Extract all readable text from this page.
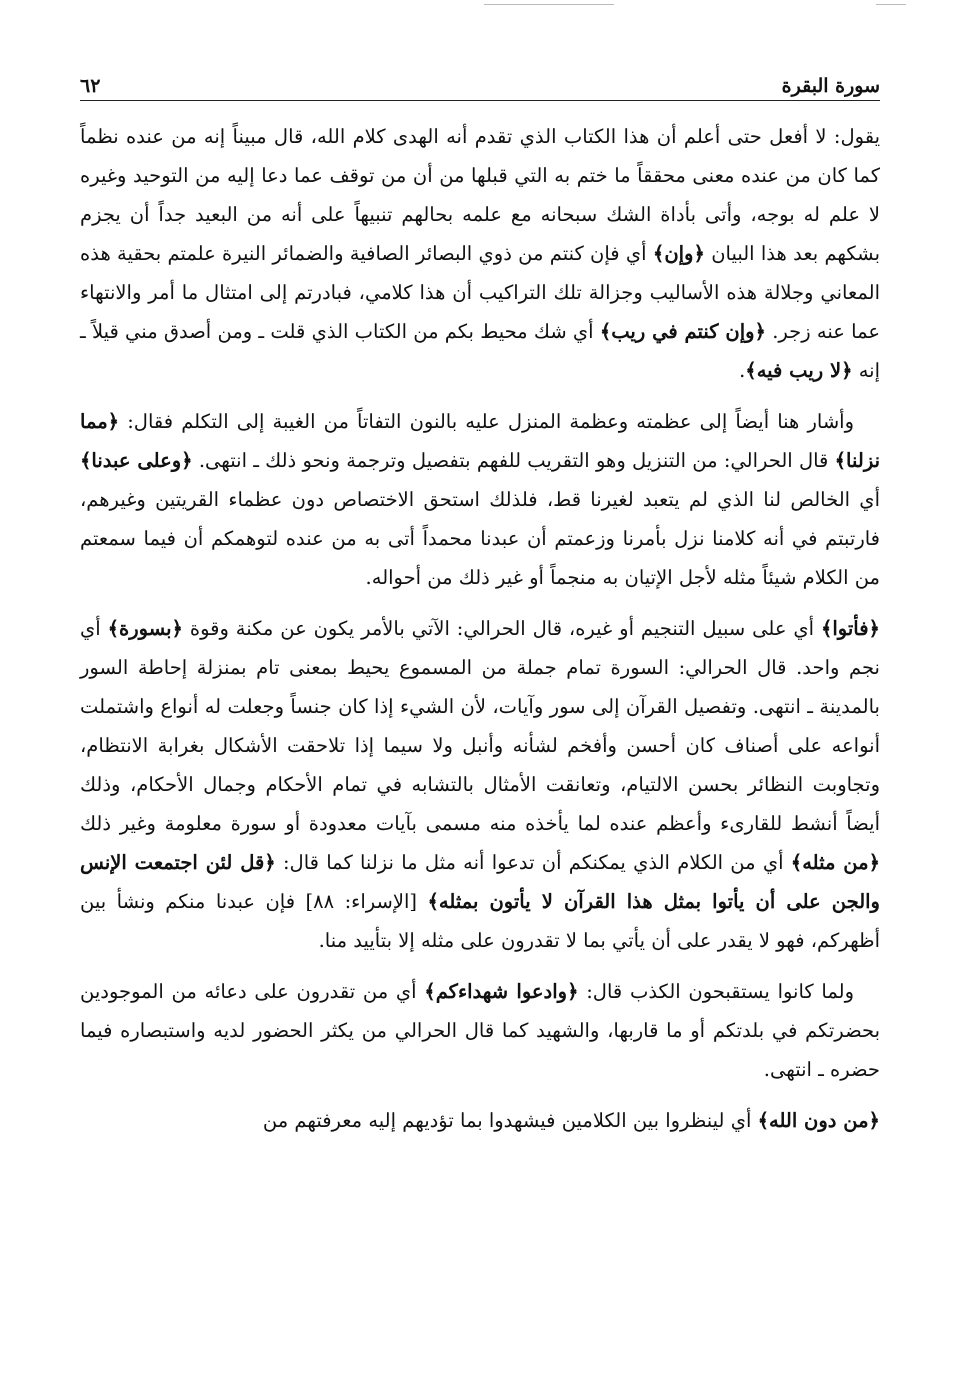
سورة البقرة
٦٢

يقول: لا أفعل حتى أعلم أن هذا الكتاب الذي تقدم أنه الهدى كلام الله، قال مبيناً إنه من عنده نظماً كما كان من عنده معنى محققاً ما ختم به التي قبلها من أن من توقف عما دعا إليه من التوحيد وغيره لا علم له بوجه، وأتى بأداة الشك سبحانه مع علمه بحالهم تنبيهاً على أنه من البعيد جداً أن يجزم بشكهم بعد هذا البيان ﴿وإن﴾ أي فإن كنتم من ذوي البصائر الصافية والضمائر النيرة علمتم بحقية هذه المعاني وجلالة هذه الأساليب وجزالة تلك التراكيب أن هذا كلامي، فبادرتم إلى امتثال ما أمر والانتهاء عما عنه زجر. ﴿وإن كنتم في ريب﴾ أي شك محيط بكم من الكتاب الذي قلت ـ ومن أصدق مني قيلاً ـ إنه ﴿لا ريب فيه﴾.

وأشار هنا أيضاً إلى عظمته وعظمة المنزل عليه بالنون التفاتاً من الغيبة إلى التكلم فقال: ﴿مما نزلنا﴾ قال الحرالي: من التنزيل وهو التقريب للفهم بتفصيل وترجمة ونحو ذلك ـ انتهى. ﴿وعلى عبدنا﴾ أي الخالص لنا الذي لم يتعبد لغيرنا قط، فلذلك استحق الاختصاص دون عظماء القريتين وغيرهم، فارتبتم في أنه كلامنا نزل بأمرنا وزعمتم أن عبدنا محمداً أتى به من عنده لتوهمكم أن فيما سمعتم من الكلام شيئاً مثله لأجل الإتيان به منجماً أو غير ذلك من أحواله.

﴿فأتوا﴾ أي على سبيل التنجيم أو غيره، قال الحرالي: الآتي بالأمر يكون عن مكنة وقوة ﴿بسورة﴾ أي نجم واحد. قال الحرالي: السورة تمام جملة من المسموع يحيط بمعنى تام بمنزلة إحاطة السور بالمدينة ـ انتهى. وتفصيل القرآن إلى سور وآيات، لأن الشيء إذا كان جنساً وجعلت له أنواع واشتملت أنواعه على أصناف كان أحسن وأفخم لشأنه وأنبل ولا سيما إذا تلاحقت الأشكال بغرابة الانتظام، وتجاوبت النظائر بحسن الالتيام، وتعانقت الأمثال بالتشابه في تمام الأحكام وجمال الأحكام، وذلك أيضاً أنشط للقارىء وأعظم عنده لما يأخذه منه مسمى بآيات معدودة أو سورة معلومة وغير ذلك ﴿من مثله﴾ أي من الكلام الذي يمكنكم أن تدعوا أنه مثل ما نزلنا كما قال: ﴿قل لئن اجتمعت الإنس والجن على أن يأتوا بمثل هذا القرآن لا يأتون بمثله﴾ [الإسراء: ٨٨] فإن عبدنا منكم ونشأ بين أظهركم، فهو لا يقدر على أن يأتي بما لا تقدرون على مثله إلا بتأييد منا.

ولما كانوا يستقبحون الكذب قال: ﴿وادعوا شهداءكم﴾ أي من تقدرون على دعائه من الموجودين بحضرتكم في بلدتكم أو ما قاربها، والشهيد كما قال الحرالي من يكثر الحضور لديه واستبصاره فيما حضره ـ انتهى.

﴿من دون الله﴾ أي لينظروا بين الكلامين فيشهدوا بما تؤديهم إليه معرفتهم من
